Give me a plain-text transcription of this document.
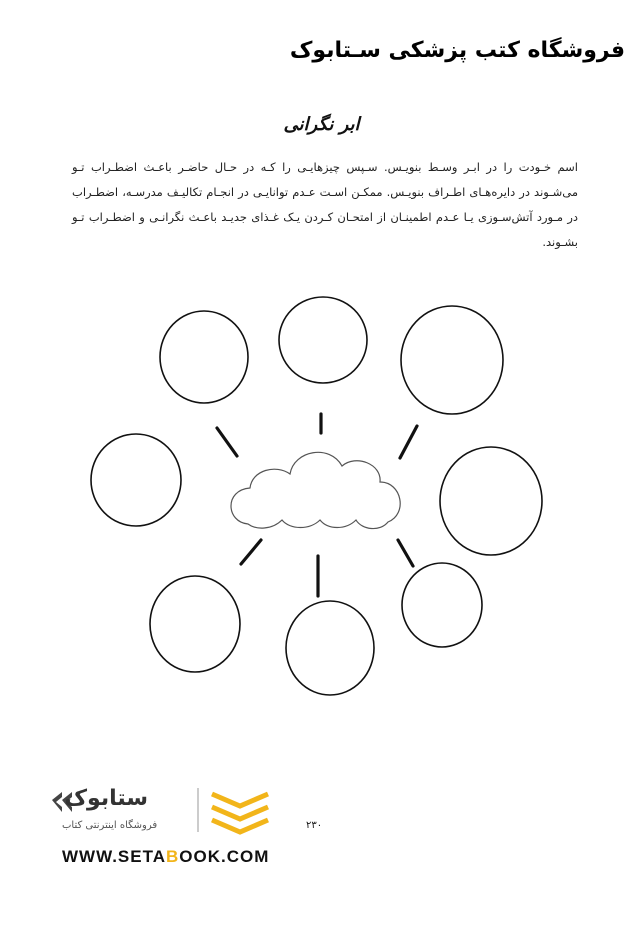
فروشگاه کتب پزشکی سـتابوک
ابر نگرانی
اسم خـودت را در ابـر وسـط بنویـس. سـپس چیزهایـی را کـه در حـال حاضـر باعـث اضطـراب تـو می‌شـوند در دایره‌هـای اطـراف بنویـس. ممکـن اسـت عـدم توانایـی در انجـام تکالیـف مدرسـه، اضطـراب در مـورد آتش‌سـوزی یـا عـدم اطمینـان از امتحـان کـردن یـک غـذای جدیـد باعـث نگرانـی و اضطـراب تـو بشـوند.
ستابوک
فروشگاه اینترنتی کتاب	۲۳۰
WWW.SETABOOK.COM
